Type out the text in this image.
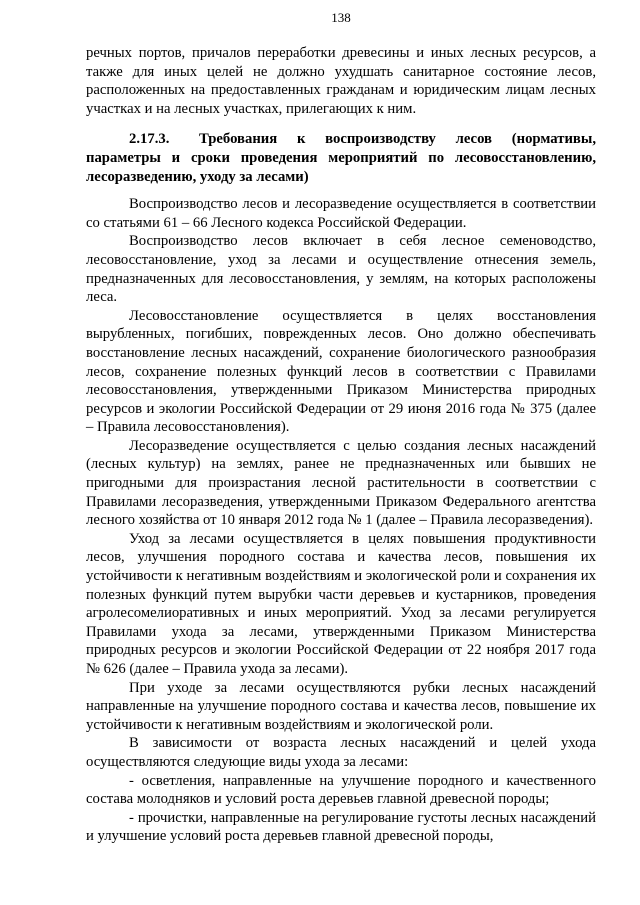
138

речных портов, причалов переработки древесины и иных лесных ресурсов, а также для иных целей не должно ухудшать санитарное состояние лесов, расположенных на предоставленных гражданам и юридическим лицам лесных участках и на лесных участках, прилегающих к ним.

2.17.3. Требования к воспроизводству лесов (нормативы, параметры и сроки проведения мероприятий по лесовосстановлению, лесоразведению, уходу за лесами)

Воспроизводство лесов и лесоразведение осуществляется в соответствии со статьями 61 – 66 Лесного кодекса Российской Федерации.

Воспроизводство лесов включает в себя лесное семеноводство, лесовосстановление, уход за лесами и осуществление отнесения земель, предназначенных для лесовосстановления, у землям, на которых расположены леса.

Лесовосстановление осуществляется в целях восстановления вырубленных, погибших, поврежденных лесов. Оно должно обеспечивать восстановление лесных насаждений, сохранение биологического разнообразия лесов, сохранение полезных функций лесов в соответствии с Правилами лесовосстановления, утвержденными Приказом Министерства природных ресурсов и экологии Российской Федерации от 29 июня 2016 года № 375 (далее – Правила лесовосстановления).

Лесоразведение осуществляется с целью создания лесных насаждений (лесных культур) на землях, ранее не предназначенных или бывших не пригодными для произрастания лесной растительности в соответствии с Правилами лесоразведения, утвержденными Приказом Федерального агентства лесного хозяйства от 10 января 2012 года № 1 (далее – Правила лесоразведения).

Уход за лесами осуществляется в целях повышения продуктивности лесов, улучшения породного состава и качества лесов, повышения их устойчивости к негативным воздействиям и экологической роли и сохранения их полезных функций путем вырубки части деревьев и кустарников, проведения агролесомелиоративных и иных мероприятий. Уход за лесами регулируется Правилами ухода за лесами, утвержденными Приказом Министерства природных ресурсов и экологии Российской Федерации от 22 ноября 2017 года № 626 (далее – Правила ухода за лесами).

При уходе за лесами осуществляются рубки лесных насаждений направленные на улучшение породного состава и качества лесов, повышение их устойчивости к негативным воздействиям и экологической роли.

В зависимости от возраста лесных насаждений и целей ухода осуществляются следующие виды ухода за лесами:

- осветления, направленные на улучшение породного и качественного состава молодняков и условий роста деревьев главной древесной породы;

- прочистки, направленные на регулирование густоты лесных насаждений и улучшение условий роста деревьев главной древесной породы,
